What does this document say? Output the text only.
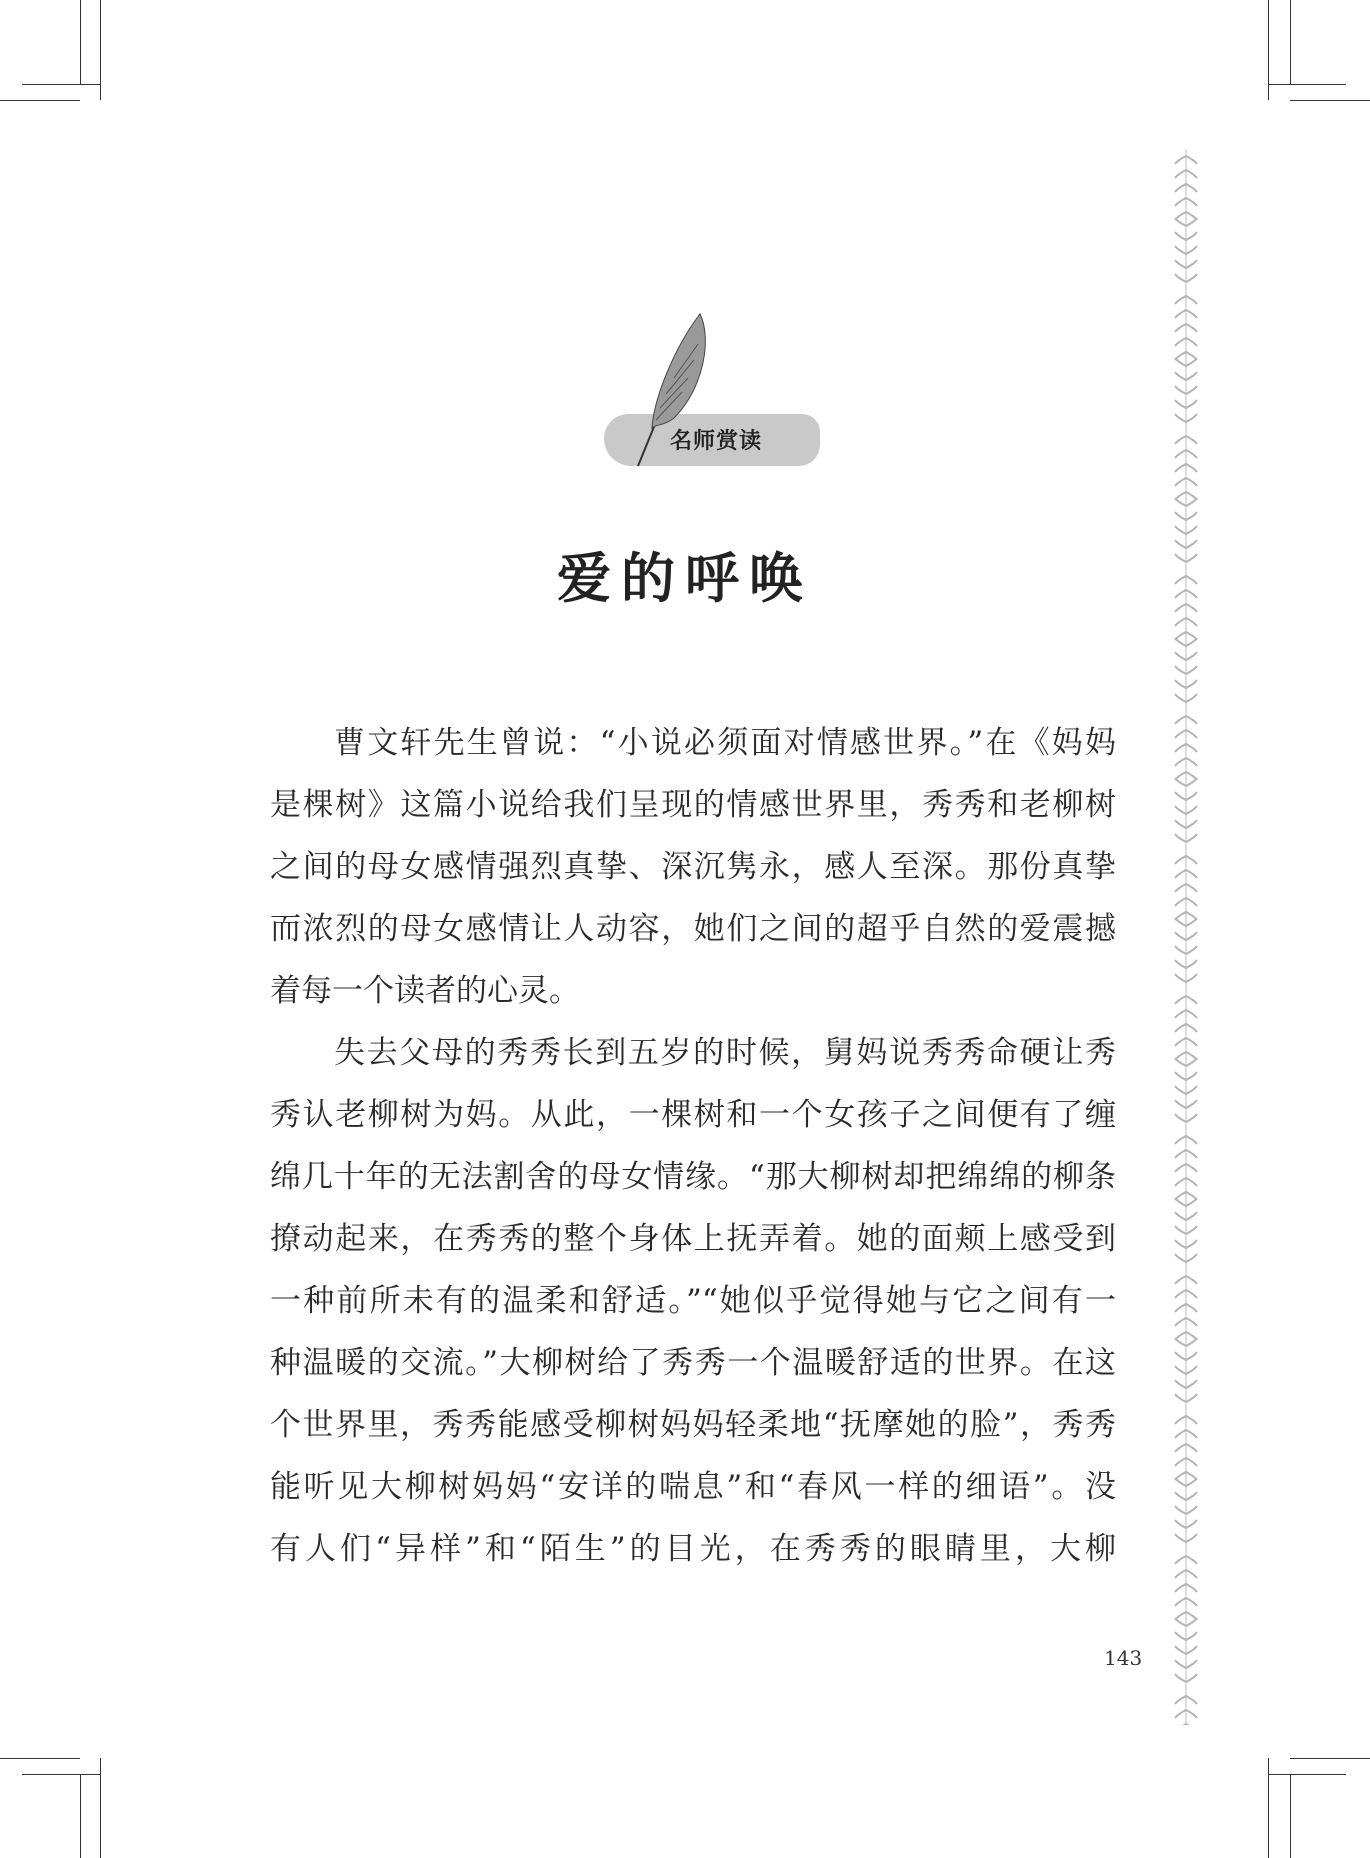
名师赏读
爱的呼唤
曹文轩先生曾说：“小说必须面对情感世界。”在《妈妈
是棵树》这篇小说给我们呈现的情感世界里，秀秀和老柳树
之间的母女感情强烈真挚、深沉隽永，感人至深。那份真挚
而浓烈的母女感情让人动容，她们之间的超乎自然的爱震撼
着每一个读者的心灵。
失去父母的秀秀长到五岁的时候，舅妈说秀秀命硬让秀
秀认老柳树为妈。从此，一棵树和一个女孩子之间便有了缠
绵几十年的无法割舍的母女情缘。“那大柳树却把绵绵的柳条
撩动起来，在秀秀的整个身体上抚弄着。她的面颊上感受到
一种前所未有的温柔和舒适。”“她似乎觉得她与它之间有一
种温暖的交流。”大柳树给了秀秀一个温暖舒适的世界。在这
个世界里，秀秀能感受柳树妈妈轻柔地“抚摩她的脸”，秀秀
能听见大柳树妈妈“安详的喘息”和“春风一样的细语”。没
有人们“异样”和“陌生”的目光，在秀秀的眼睛里，大柳
143
